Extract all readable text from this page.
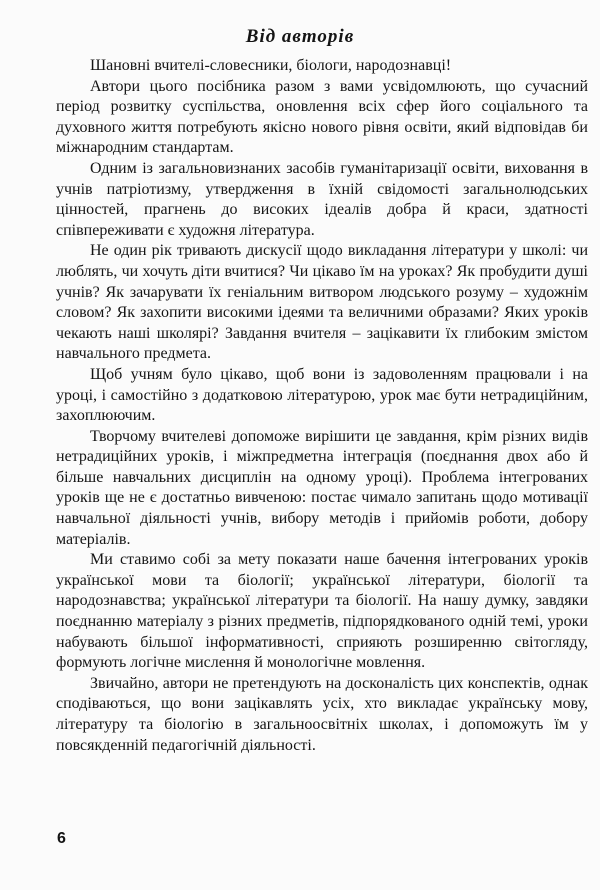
Від авторів

Шановні вчителі-словесники, біологи, народознавці!

Автори цього посібника разом з вами усвідомлюють, що сучасний період розвитку суспільства, оновлення всіх сфер його соціального та духовного життя потребують якісно нового рівня освіти, який відповідав би міжнародним стандартам.

Одним із загальновизнаних засобів гуманітаризації освіти, виховання в учнів патріотизму, утвердження в їхній свідомості загальнолюдських цінностей, прагнень до високих ідеалів добра й краси, здатності співпереживати є художня література.

Не один рік тривають дискусії щодо викладання літератури у школі: чи люблять, чи хочуть діти вчитися? Чи цікаво їм на уроках? Як пробудити душі учнів? Як зачарувати їх геніальним витвором людського розуму – художнім словом? Як захопити високими ідеями та величними образами? Яких уроків чекають наші школярі? Завдання вчителя – зацікавити їх глибоким змістом навчального предмета.

Щоб учням було цікаво, щоб вони із задоволенням працювали і на уроці, і самостійно з додатковою літературою, урок має бути нетрадиційним, захоплюючим.

Творчому вчителеві допоможе вирішити це завдання, крім різних видів нетрадиційних уроків, і міжпредметна інтеграція (поєднання двох або й більше навчальних дисциплін на одному уроці). Проблема інтегрованих уроків ще не є достатньо вивченою: постає чимало запитань щодо мотивації навчальної діяльності учнів, вибору методів і прийомів роботи, добору матеріалів.

Ми ставимо собі за мету показати наше бачення інтегрованих уроків української мови та біології; української літератури, біології та народознавства; української літератури та біології. На нашу думку, завдяки поєднанню матеріалу з різних предметів, підпорядкованого одній темі, уроки набувають більшої інформативності, сприяють розширенню світогляду, формують логічне мислення й монологічне мовлення.

Звичайно, автори не претендують на досконалість цих конспектів, однак сподіваються, що вони зацікавлять усіх, хто викладає українську мову, літературу та біологію в загальноосвітніх школах, і допоможуть їм у повсякденній педагогічній діяльності.

6
